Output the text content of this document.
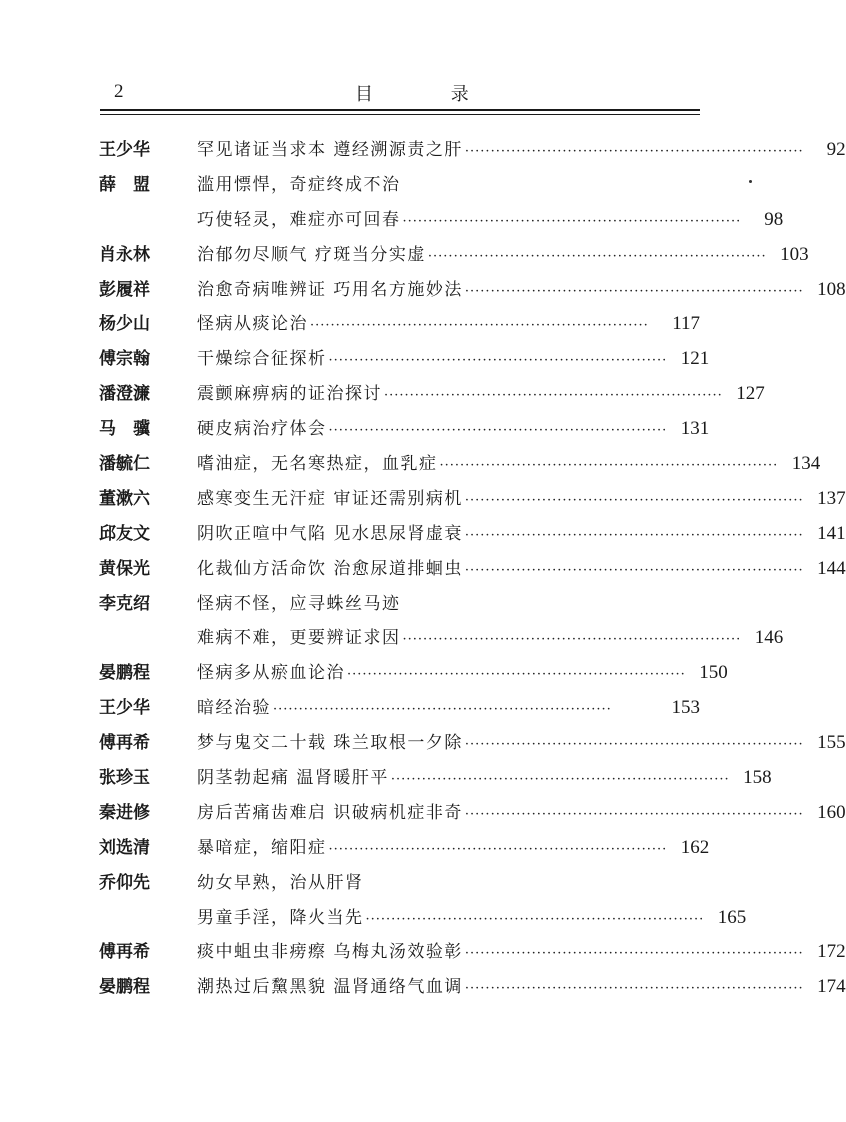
2	目 录
王少华	罕见诸证当求本 遵经溯源责之肝 ··································································	92
薛盟 滥用慓悍，奇症终成不治
巧使轻灵，难症亦可回春 ··································································	98
肖永林	治郁勿尽顺气 疗斑当分实虚 ·································································· 103
彭履祥	治愈奇病唯辨证 巧用名方施妙法 ·································································· 108
杨少山	怪病从痰论治 ··································································	117
傅宗翰	干燥综合征探析 ·································································· 121
潘澄濂	震颤麻痹病的证治探讨 ·································································· 127
马骥 硬皮病治疗体会 ·································································· 131
潘毓仁	嗜油症，无名寒热症，血乳症 ·································································· 134
董漱六	感寒变生无汗症 审证还需别病机 ·································································· 137
邱友文	阴吹正喧中气陷 见水思尿肾虚衰 ·································································· 141
黄保光	化裁仙方活命饮 治愈尿道排蛔虫 ·································································· 144
李克绍	怪病不怪，应寻蛛丝马迹
难病不难，更要辨证求因 ·································································· 146
晏鹏程	怪病多从瘀血论治 ·································································· 150
王少华	暗经治验 ··································································	153
傅再希	梦与鬼交二十载 珠兰取根一夕除 ·································································· 155
张珍玉	阴茎勃起痛 温肾暖肝平 ·································································· 158
秦进修	房后苦痛齿难启 识破病机症非奇 ·································································· 160
刘选清	暴喑症，缩阳症 ·································································· 162
乔仰先	幼女早熟，治从肝肾
男童手淫，降火当先 ·································································· 165
傅再希	痰中蛆虫非痨瘵 乌梅丸汤效验彰 ·································································· 172
晏鹏程	潮热过后黧黑貌 温肾通络气血调 ·································································· 174
